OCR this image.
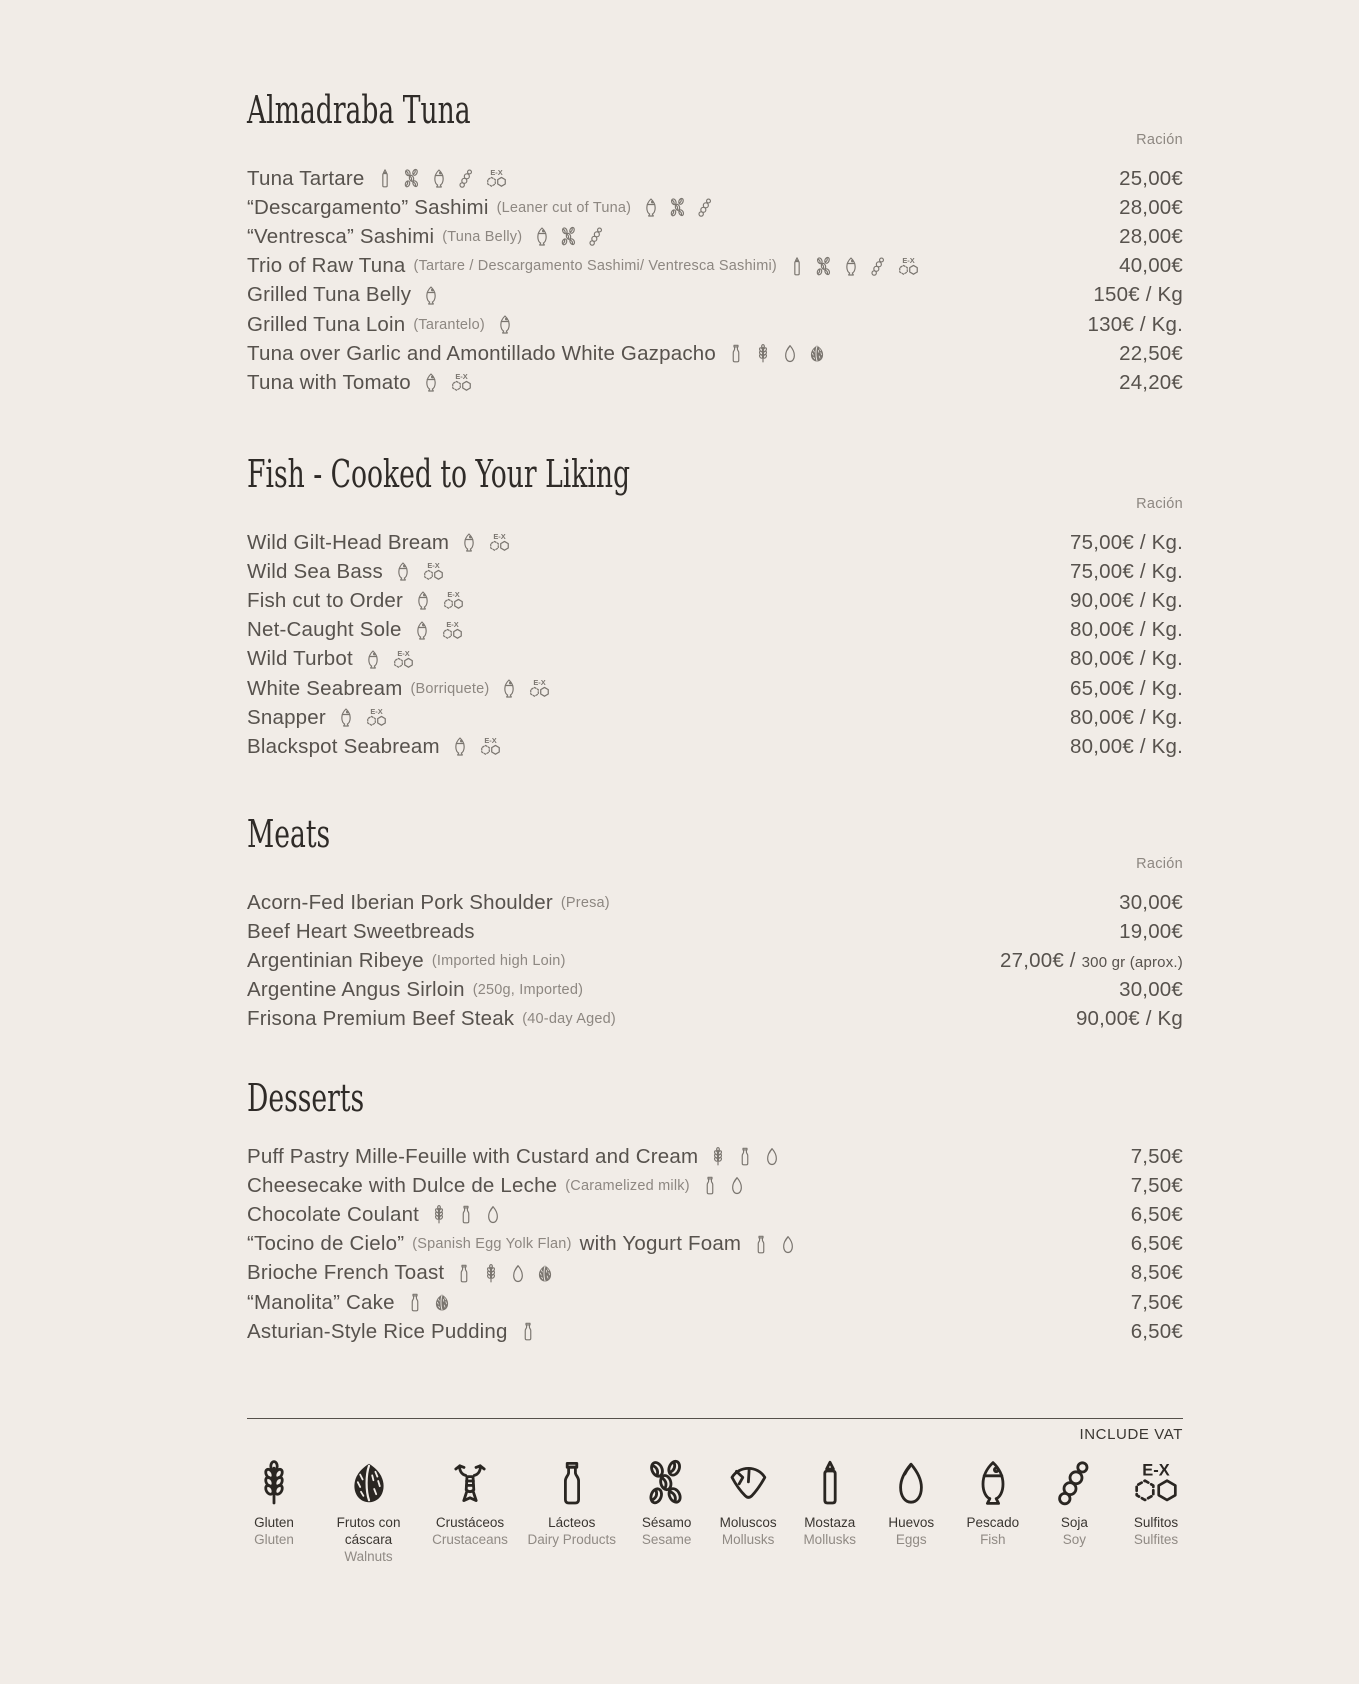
Almadraba Tuna
Ración
Tuna Tartare	25,00€
“Descargamento” Sashimi (Leaner cut of Tuna)	28,00€
“Ventresca” Sashimi (Tuna Belly)	28,00€
Trio of Raw Tuna (Tartare / Descargamento Sashimi/ Ventresca Sashimi)	40,00€
Grilled Tuna Belly	150€ / Kg
Grilled Tuna Loin (Tarantelo)	130€ / Kg.
Tuna over Garlic and Amontillado White Gazpacho	22,50€
Tuna with Tomato	24,20€
Fish - Cooked to Your Liking
Ración
Wild Gilt-Head Bream	75,00€ / Kg.
Wild Sea Bass	75,00€ / Kg.
Fish cut to Order	90,00€ / Kg.
Net-Caught Sole	80,00€ / Kg.
Wild Turbot	80,00€ / Kg.
White Seabream (Borriquete)	65,00€ / Kg.
Snapper	80,00€ / Kg.
Blackspot Seabream	80,00€ / Kg.
Meats
Ración
Acorn-Fed Iberian Pork Shoulder (Presa)	30,00€
Beef Heart Sweetbreads	19,00€
Argentinian Ribeye (Imported high Loin)	27,00€ / 300 gr (aprox.)
Argentine Angus Sirloin (250g, Imported)	30,00€
Frisona Premium Beef Steak (40-day Aged)	90,00€ / Kg
Desserts
Puff Pastry Mille-Feuille with Custard and Cream	7,50€
Cheesecake with Dulce de Leche (Caramelized milk)	7,50€
Chocolate Coulant	6,50€
“Tocino de Cielo” (Spanish Egg Yolk Flan) with Yogurt Foam	6,50€
Brioche French Toast	8,50€
“Manolita” Cake	7,50€
Asturian-Style Rice Pudding	6,50€
INCLUDE VAT
Gluten
Gluten
Frutos con cáscara
Walnuts
Crustáceos
Crustaceans
Lácteos
Dairy Products
Sésamo
Sesame
Moluscos
Mollusks
Mostaza
Mollusks
Huevos
Eggs
Pescado
Fish
Soja
Soy
Sulfitos
Sulfites
